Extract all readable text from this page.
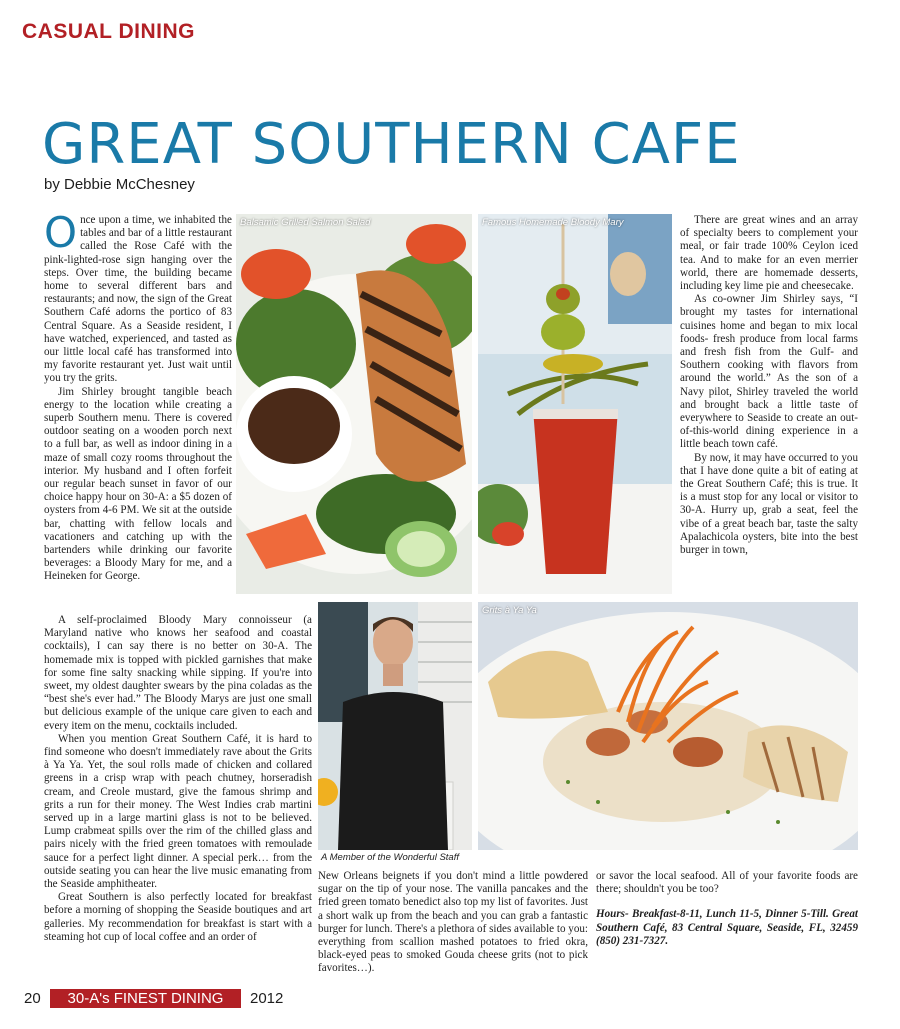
CASUAL DINING
GREAT SOUTHERN CAFE
by Debbie McChesney

Once upon a time, we inhabited the tables and bar of a little restaurant called the Rose Café with the pink-lighted-rose sign hanging over the steps. Over time, the building became home to several different bars and restaurants; and now, the sign of the Great Southern Café adorns the portico of 83 Central Square. As a Seaside resident, I have watched, experienced, and tasted as our little local café has transformed into my favorite restaurant yet. Just wait until you try the grits.

Jim Shirley brought tangible beach energy to the location while creating a superb Southern menu. There is covered outdoor seating on a wooden porch next to a full bar, as well as indoor dining in a maze of small cozy rooms throughout the interior. My husband and I often forfeit our regular beach sunset in favor of our choice happy hour on 30-A: a $5 dozen of oysters from 4-6 PM. We sit at the outside bar, chatting with fellow locals and vacationers and catching up with the bartenders while drinking our favorite beverages: a Bloody Mary for me, and a Heineken for George.

A self-proclaimed Bloody Mary connoisseur (a Maryland native who knows her seafood and coastal cocktails), I can say there is no better on 30-A. The homemade mix is topped with pickled garnishes that make for some fine salty snacking while sipping. If you're into sweet, my oldest daughter swears by the pina coladas as the “best she's ever had.” The Bloody Marys are just one small but delicious example of the unique care given to each and every item on the menu, cocktails included.

When you mention Great Southern Café, it is hard to find someone who doesn't immediately rave about the Grits à Ya Ya. Yet, the soul rolls made of chicken and collared greens in a crisp wrap with peach chutney, horseradish cream, and Creole mustard, give the famous shrimp and grits a run for their money. The West Indies crab martini served up in a large martini glass is not to be believed. Lump crabmeat spills over the rim of the chilled glass and pairs nicely with the fried green tomatoes with remoulade sauce for a perfect light dinner. A special perk… from the outside seating you can hear the live music emanating from the Seaside amphitheater.

Great Southern is also perfectly located for breakfast before a morning of shopping the Seaside boutiques and art galleries. My recommendation for breakfast is start with a steaming hot cup of local coffee and an order of

Balsamic Grilled Salmon Salad	Famous Homemade Bloody Mary	There are great wines and an array of specialty beers to complement your meal, or fair trade 100% Ceylon iced tea. And to make for an even merrier world, there are homemade desserts, including key lime pie and cheesecake.

As co-owner Jim Shirley says, “I brought my tastes for international cuisines home and began to mix local foods- fresh produce from local farms and fresh fish from the Gulf- and Southern cooking with flavors from around the world.” As the son of a Navy pilot, Shirley traveled the world and brought back a little taste of everywhere to Seaside to create an out-of-this-world dining experience in a little beach town café.

By now, it may have occurred to you that I have done quite a bit of eating at the Great Southern Café; this is true. It is a must stop for any local or visitor to 30-A. Hurry up, grab a seat, feel the vibe of a great beach bar, taste the salty Apalachicola oysters, bite into the best burger in town,

A Member of the Wonderful Staff
Grits à Ya Ya

New Orleans beignets if you don't mind a little powdered sugar on the tip of your nose. The vanilla pancakes and the fried green tomato benedict also top my list of favorites. Just a short walk up from the beach and you can grab a fantastic burger for lunch. There's a plethora of sides available to you: everything from scallion mashed potatoes to fried okra, black-eyed peas to smoked Gouda cheese grits (not to pick favorites…).

or savor the local seafood. All of your favorite foods are there; shouldn't you be too?

Hours- Breakfast-8-11, Lunch 11-5, Dinner 5-Till. Great Southern Café, 83 Central Square, Seaside, FL, 32459 (850) 231-7327.

20	30-A's FINEST DINING	2012
